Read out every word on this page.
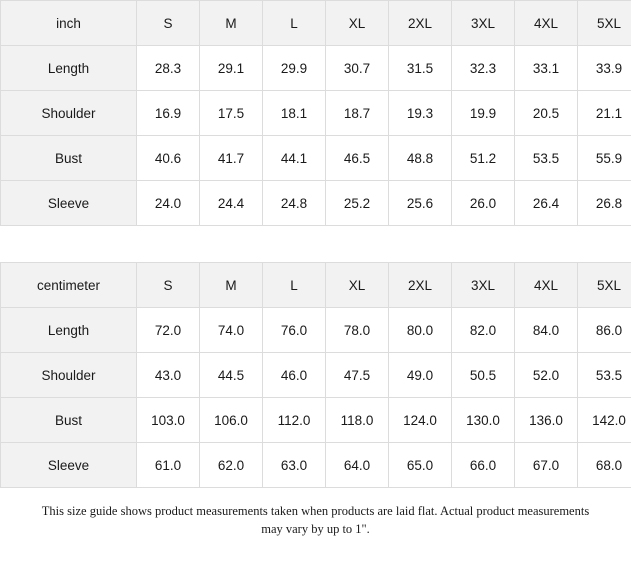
inch	S	M	L	XL	2XL	3XL	4XL	5XL
Length	28.3	29.1	29.9	30.7	31.5	32.3	33.1	33.9
Shoulder	16.9	17.5	18.1	18.7	19.3	19.9	20.5	21.1
Bust	40.6	41.7	44.1	46.5	48.8	51.2	53.5	55.9
Sleeve	24.0	24.4	24.8	25.2	25.6	26.0	26.4	26.8
centimeter	S	M	L	XL	2XL	3XL	4XL	5XL
Length	72.0	74.0	76.0	78.0	80.0	82.0	84.0	86.0
Shoulder	43.0	44.5	46.0	47.5	49.0	50.5	52.0	53.5
Bust	103.0	106.0	112.0	118.0	124.0	130.0	136.0	142.0
Sleeve	61.0	62.0	63.0	64.0	65.0	66.0	67.0	68.0
This size guide shows product measurements taken when products are laid flat. Actual product measurements
may vary by up to 1".
